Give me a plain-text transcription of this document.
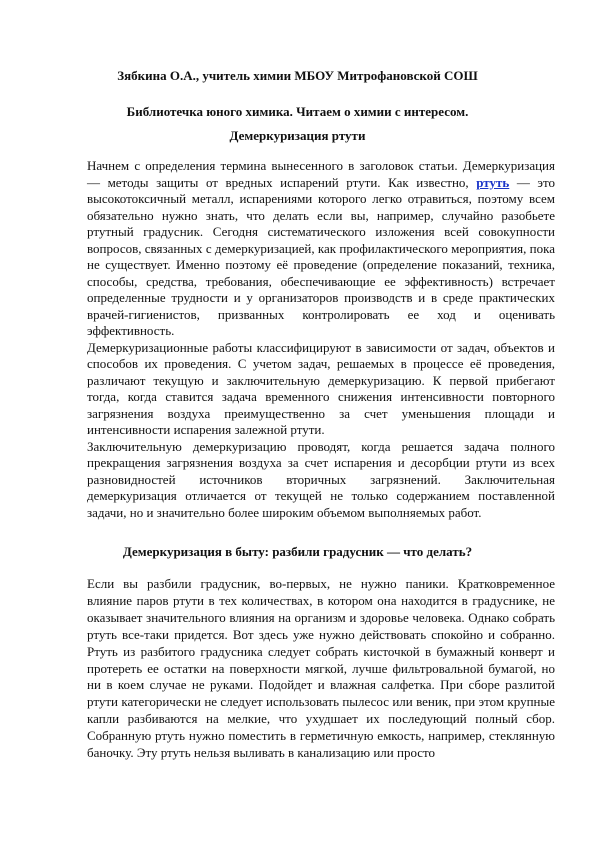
Зябкина О.А., учитель химии МБОУ Митрофановской СОШ
Библиотечка юного химика. Читаем о химии с интересом.
Демеркуризация ртути

Начнем с определения термина вынесенного в заголовок статьи. Демеркуризация — методы защиты от вредных испарений ртути. Как известно, ртуть — это высокотоксичный металл, испарениями которого легко отравиться, поэтому всем обязательно нужно знать, что делать если вы, например, случайно разобьете ртутный градусник. Сегодня систематического изложения всей совокупности вопросов, связанных с демеркуризацией, как профилактического мероприятия, пока не существует. Именно поэтому её проведение (определение показаний, техника, способы, средства, требования, обеспечивающие ее эффективность) встречает определенные трудности и у организаторов производств и в среде практических врачей-гигиенистов, призванных контролировать ее ход и оценивать эффективность.

Демеркуризационные работы классифицируют в зависимости от задач, объектов и способов их проведения. С учетом задач, решаемых в процессе её проведения, различают текущую и заключительную демеркуризацию. К первой прибегают тогда, когда ставится задача временного снижения интенсивности повторного загрязнения воздуха преимущественно за счет уменьшения площади и интенсивности испарения залежной ртути.

Заключительную демеркуризацию проводят, когда решается задача полного прекращения загрязнения воздуха за счет испарения и десорбции ртути из всех разновидностей источников вторичных загрязнений. Заключительная демеркуризация отличается от текущей не только содержанием поставленной задачи, но и значительно более широким объемом выполняемых работ.

Демеркуризация в быту: разбили градусник — что делать?

Если вы разбили градусник, во-первых, не нужно паники. Кратковременное влияние паров ртути в тех количествах, в котором она находится в градуснике, не оказывает значительного влияния на организм и здоровье человека. Однако собрать ртуть все-таки придется. Вот здесь уже нужно действовать спокойно и собранно. Ртуть из разбитого градусника следует собрать кисточкой в бумажный конверт и протереть ее остатки на поверхности мягкой, лучше фильтровальной бумагой, но ни в коем случае не руками. Подойдет и влажная салфетка. При сборе разлитой ртути категорически не следует использовать пылесос или веник, при этом крупные капли разбиваются на мелкие, что ухудшает их последующий полный сбор. Собранную ртуть нужно поместить в герметичную емкость, например, стеклянную баночку. Эту ртуть нельзя выливать в канализацию или просто
